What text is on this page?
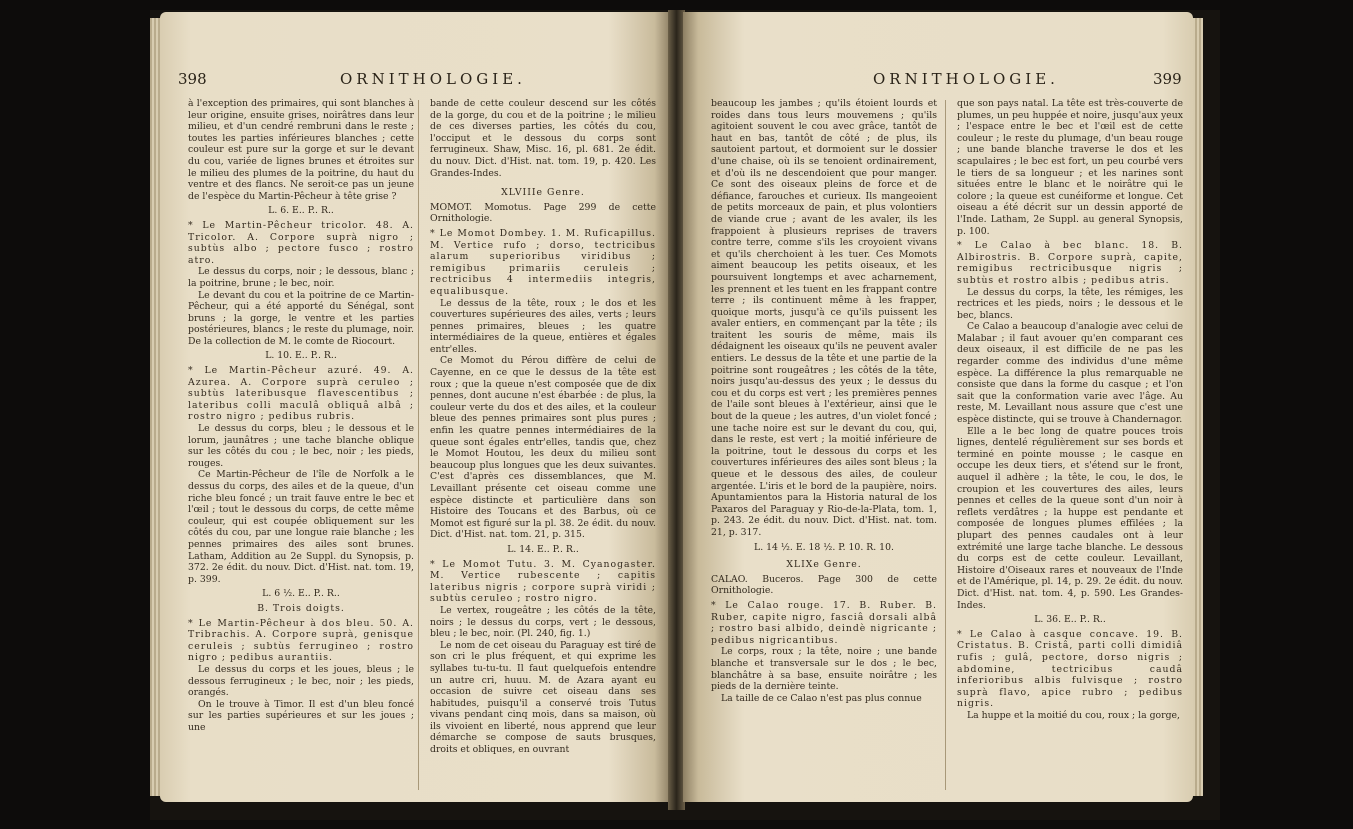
398	ORNITHOLOGIE.

à l'exception des primaires, qui sont blanches à leur origine, ensuite grises, noirâtres dans leur milieu, et d'un cendré rembruni dans le reste ; toutes les parties inférieures blanches ; cette couleur est pure sur la gorge et sur le devant du cou, variée de lignes brunes et étroites sur le milieu des plumes de la poitrine, du haut du ventre et des flancs. Ne seroit-ce pas un jeune de l'espèce du Martin-Pêcheur à tête grise ?

L. 6. E.. P.. R..

* Le Martin-Pêcheur tricolor. 48. A. Tricolor. A. Corpore suprà nigro ; subtùs albo ; pectore fusco ; rostro atro.

Le dessus du corps, noir ; le dessous, blanc ; la poitrine, brune ; le bec, noir.

Le devant du cou et la poitrine de ce Martin-Pêcheur, qui a été apporté du Sénégal, sont bruns ; la gorge, le ventre et les parties postérieures, blancs ; le reste du plumage, noir. De la collection de M. le comte de Riocourt.

L. 10. E.. P.. R..

* Le Martin-Pêcheur azuré. 49. A. Azurea. A. Corpore suprà ceruleo ; subtùs lateribusque flavescentibus ; lateribus colli maculâ obliquâ albâ ; rostro nigro ; pedibus rubris.

Le dessus du corps, bleu ; le dessous et le lorum, jaunâtres ; une tache blanche oblique sur les côtés du cou ; le bec, noir ; les pieds, rouges.

Ce Martin-Pêcheur de l'île de Norfolk a le dessus du corps, des ailes et de la queue, d'un riche bleu foncé ; un trait fauve entre le bec et l'œil ; tout le dessous du corps, de cette même couleur, qui est coupée obliquement sur les côtés du cou, par une longue raie blanche ; les pennes primaires des ailes sont brunes. Latham, Addition au 2e Suppl. du Synopsis, p. 372. 2e édit. du nouv. Dict. d'Hist. nat. tom. 19, p. 399.

L. 6 ½. E.. P.. R..

B. Trois doigts.

* Le Martin-Pêcheur à dos bleu. 50. A. Tribrachis. A. Corpore suprà, genisque ceruleis ; subtùs ferrugineo ; rostro nigro ; pedibus aurantiis.

Le dessus du corps et les joues, bleus ; le dessous ferrugineux ; le bec, noir ; les pieds, orangés.

On le trouve à Timor. Il est d'un bleu foncé sur les parties supérieures et sur les joues ; une

bande de cette couleur descend sur les côtés de la gorge, du cou et de la poitrine ; le milieu de ces diverses parties, les côtés du cou, l'occiput et le dessous du corps sont ferrugineux. Shaw, Misc. 16, pl. 681. 2e édit. du nouv. Dict. d'Hist. nat. tom. 19, p. 420. Les Grandes-Indes.

XLVIIIe Genre.

MOMOT. Momotus. Page 299 de cette Ornithologie.

* Le Momot Dombey. 1. M. Ruficapillus. M. Vertice rufo ; dorso, tectricibus alarum superioribus viridibus ; remigibus primariis ceruleis ; rectricibus 4 intermediis integris, equalibusque.

Le dessus de la tête, roux ; le dos et les couvertures supérieures des ailes, verts ; leurs pennes primaires, bleues ; les quatre intermédiaires de la queue, entières et égales entr'elles.

Ce Momot du Pérou diffère de celui de Cayenne, en ce que le dessus de la tête est roux ; que la queue n'est composée que de dix pennes, dont aucune n'est ébarbée : de plus, la couleur verte du dos et des ailes, et la couleur bleue des pennes primaires sont plus pures ; enfin les quatre pennes intermédiaires de la queue sont égales entr'elles, tandis que, chez le Momot Houtou, les deux du milieu sont beaucoup plus longues que les deux suivantes. C'est d'après ces dissemblances, que M. Levaillant présente cet oiseau comme une espèce distincte et particulière dans son Histoire des Toucans et des Barbus, où ce Momot est figuré sur la pl. 38. 2e édit. du nouv. Dict. d'Hist. nat. tom. 21, p. 315.

L. 14. E.. P.. R..

* Le Momot Tutu. 3. M. Cyanogaster. M. Vertice rubescente ; capitis lateribus nigris ; corpore suprà viridi ; subtùs ceruleo ; rostro nigro.

Le vertex, rougeâtre ; les côtés de la tête, noirs ; le dessus du corps, vert ; le dessous, bleu ; le bec, noir. (Pl. 240, fig. 1.)

Le nom de cet oiseau du Paraguay est tiré de son cri le plus fréquent, et qui exprime les syllabes tu-tu-tu. Il faut quelquefois entendre un autre cri, huuu. M. de Azara ayant eu occasion de suivre cet oiseau dans ses habitudes, puisqu'il a conservé trois Tutus vivans pendant cinq mois, dans sa maison, où ils vivoient en liberté, nous apprend que leur démarche se compose de sauts brusques, droits et obliques, en ouvrant

ORNITHOLOGIE.	399

beaucoup les jambes ; qu'ils étoient lourds et roides dans tous leurs mouvemens ; qu'ils agitoient souvent le cou avec grâce, tantôt de haut en bas, tantôt de côté ; de plus, ils sautoient partout, et dormoient sur le dossier d'une chaise, où ils se tenoient ordinairement, et d'où ils ne descendoient que pour manger. Ce sont des oiseaux pleins de force et de défiance, farouches et curieux. Ils mangeoient de petits morceaux de pain, et plus volontiers de viande crue ; avant de les avaler, ils les frappoient à plusieurs reprises de travers contre terre, comme s'ils les croyoient vivans et qu'ils cherchoient à les tuer. Ces Momots aiment beaucoup les petits oiseaux, et les poursuivent longtemps et avec acharnement, les prennent et les tuent en les frappant contre terre ; ils continuent même à les frapper, quoique morts, jusqu'à ce qu'ils puissent les avaler entiers, en commençant par la tête ; ils traitent les souris de même, mais ils dédaignent les oiseaux qu'ils ne peuvent avaler entiers. Le dessus de la tête et une partie de la poitrine sont rougeâtres ; les côtés de la tête, noirs jusqu'au-dessus des yeux ; le dessus du cou et du corps est vert ; les premières pennes de l'aile sont bleues à l'extérieur, ainsi que le bout de la queue ; les autres, d'un violet foncé ; une tache noire est sur le devant du cou, qui, dans le reste, est vert ; la moitié inférieure de la poitrine, tout le dessous du corps et les couvertures inférieures des ailes sont bleus ; la queue et le dessous des ailes, de couleur argentée. L'iris et le bord de la paupière, noirs. Apuntamientos para la Historia natural de los Paxaros del Paraguay y Rio-de-la-Plata, tom. 1, p. 243. 2e édit. du nouv. Dict. d'Hist. nat. tom. 21, p. 317.

L. 14 ½. E. 18 ½. P. 10. R. 10.

XLIXe Genre.

CALAO. Buceros. Page 300 de cette Ornithologie.

* Le Calao rouge. 17. B. Ruber. B. Ruber, capite nigro, fasciâ dorsali albâ ; rostro basi albido, deindè nigricante ; pedibus nigricantibus.

Le corps, roux ; la tête, noire ; une bande blanche et transversale sur le dos ; le bec, blanchâtre à sa base, ensuite noirâtre ; les pieds de la dernière teinte.

La taille de ce Calao n'est pas plus connue

que son pays natal. La tête est très-couverte de plumes, un peu huppée et noire, jusqu'aux yeux ; l'espace entre le bec et l'œil est de cette couleur ; le reste du plumage, d'un beau rouge ; une bande blanche traverse le dos et les scapulaires ; le bec est fort, un peu courbé vers le tiers de sa longueur ; et les narines sont situées entre le blanc et le noirâtre qui le colore ; la queue est cunéiforme et longue. Cet oiseau a été décrit sur un dessin apporté de l'Inde. Latham, 2e Suppl. au general Synopsis, p. 100.

* Le Calao à bec blanc. 18. B. Albirostris. B. Corpore suprà, capite, remigibus rectricibusque nigris ; subtùs et rostro albis ; pedibus atris.

Le dessus du corps, la tête, les rémiges, les rectrices et les pieds, noirs ; le dessous et le bec, blancs.

Ce Calao a beaucoup d'analogie avec celui de Malabar ; il faut avouer qu'en comparant ces deux oiseaux, il est difficile de ne pas les regarder comme des individus d'une même espèce. La différence la plus remarquable ne consiste que dans la forme du casque ; et l'on sait que la conformation varie avec l'âge. Au reste, M. Levaillant nous assure que c'est une espèce distincte, qui se trouve à Chandernagor.

Elle a le bec long de quatre pouces trois lignes, dentelé régulièrement sur ses bords et terminé en pointe mousse ; le casque en occupe les deux tiers, et s'étend sur le front, auquel il adhère ; la tête, le cou, le dos, le croupion et les couvertures des ailes, leurs pennes et celles de la queue sont d'un noir à reflets verdâtres ; la huppe est pendante et composée de longues plumes effilées ; la plupart des pennes caudales ont à leur extrémité une large tache blanche. Le dessous du corps est de cette couleur. Levaillant, Histoire d'Oiseaux rares et nouveaux de l'Inde et de l'Amérique, pl. 14, p. 29. 2e édit. du nouv. Dict. d'Hist. nat. tom. 4, p. 590. Les Grandes-Indes.

L. 36. E.. P.. R..

* Le Calao à casque concave. 19. B. Cristatus. B. Cristâ, parti colli dimidiâ rufis ; gulâ, pectore, dorso nigris ; abdomine, tectricibus caudâ inferioribus albis fulvisque ; rostro suprà flavo, apice rubro ; pedibus nigris.

La huppe et la moitié du cou, roux ; la gorge,
